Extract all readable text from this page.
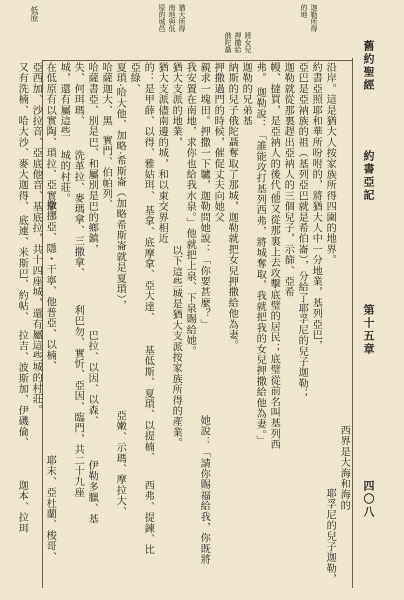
舊約聖經
約書亞記
第十五章
四〇八
西界是大海和海的
沿岸。這是猶大人按家族所得四圍的地界。
耶孚尼的兒子迦勒，
約書亞照耶和華所吩咐的，將猶大人中一分地業，基列亞巴，
亞巴是亞衲族的祖（基列亞巴就是希伯崙），分給了耶孚尼的兒子迦勒；
迦勒就從那裏趕出亞衲人的三個兒子，示篩、亞希
幔、撻買，是亞衲人的後代。
他又從那裏上去攻擊底璧的居民；底璧從前名叫基列西
弗。
迦勒說：「誰能攻打基列西弗，將城奪取，我就把我的女兒押撒給他為妻。」
迦勒的兄弟基
納斯的兒子俄陀聶奪取了那城，迦勒就把女兒押撒給他為妻。
押撒過門的時候，催促丈夫向她父
親求一塊田。押撒一下驢，迦勒問她說：「你要甚麼？」
她說：「請你賜福給我，你既將
我安置在南地，求你也給我水泉。」他就把上泉、下泉賜給她。
猶大支派的地業，
以下這些城是猶大支派按家族所得的產業。
猶大支派儘南邊的城，和以東交界相近
的：是甲薛、以得、雅姑珥、
基拿、底摩拿、亞大達、
基低斯、夏瑣、以提楠、
西弗、提鍊、比
亞綠、
夏瑣·哈大他、加略·希斯崙（加略希斯崙就是夏瑣），
亞嫩、示瑪、摩拉大、
哈薩迦大、黑
實門、伯帕列、
哈薩書亞、別是巴、和屬別是巴的鄉鎮，
巴拉、以因、以森、
伊勒多臘、基
失、何珥瑪、
洗革拉、麥瑪拿、三撒拿、
利巴勿、實忻、亞因、臨門，共二十九座
城，還有屬這些
城的村莊。
在低原有以實陶、瑣拉、亞實拿、
撒挪亞、隱・干寧、他普亞、以楠、
耶末、亞杜蘭、梭哥、
亞西加、沙拉音、亞底他音、基底拉，共十四座城，還有屬這些城的村莊。
又有洗楠、哈大沙、麥大迦得、
底連、米斯巴、約帖、
拉吉、波斯加、伊磯倫、
迦本、拉珥
迦勒所得
的地
將女兒
押撒給
俄陀聶
猶大所得
南地與低
原的城邑
低原
